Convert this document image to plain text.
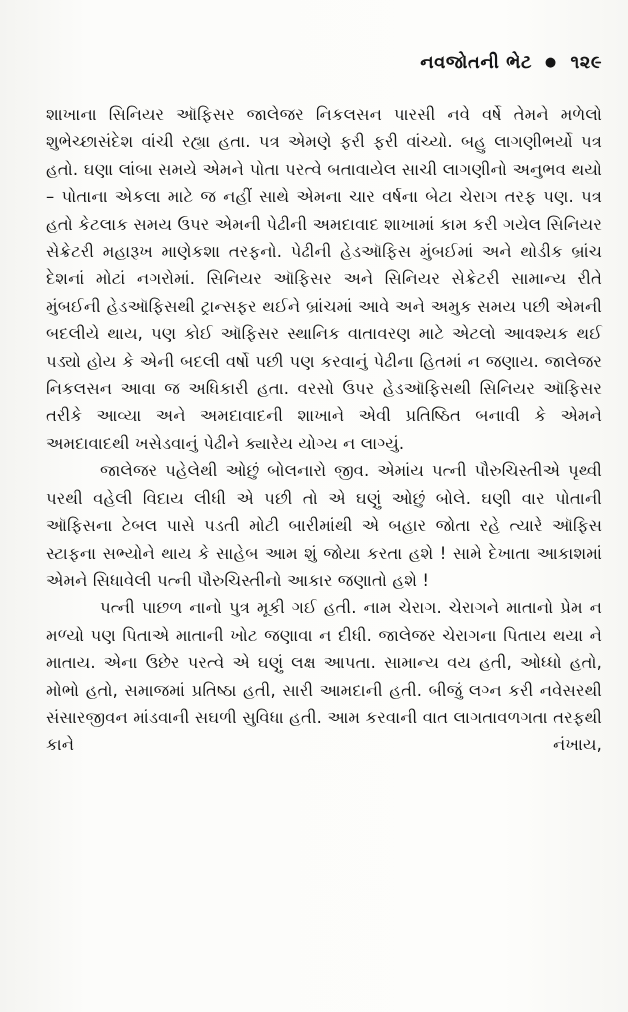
નવજોતની ભેટ ● ૧૨૯

શાખાના સિનિયર ઑફિસર જાલેજર નિકલસન પારસી નવે વર્ષે તેમને મળેલો શુભેચ્છાસંદેશ વાંચી રહ્યા હતા. પત્ર એમણે ફરી ફરી વાંચ્યો. બહુ લાગણીભર્યો પત્ર હતો. ઘણા લાંબા સમયે એમને પોતા પરત્વે બતાવાયેલ સાચી લાગણીનો અનુભવ થયો – પોતાના એકલા માટે જ નહીં સાથે એમના ચાર વર્ષના બેટા ચેરાગ તરફ પણ. પત્ર હતો કેટલાક સમય ઉપર એમની પેઢીની અમદાવાદ શાખામાં કામ કરી ગયેલ સિનિયર સેક્રેટરી મહારૂખ માણેકશા તરફનો. પેઢીની હેડઑફિસ મુંબઈમાં અને થોડીક બ્રાંચ દેશનાં મોટાં નગરોમાં. સિનિયર ઑફિસર અને સિનિયર સેક્રેટરી સામાન્ય રીતે મુંબઈની હેડઑફિસથી ટ્રાન્સફર થઈને બ્રાંચમાં આવે અને અમુક સમય પછી એમની બદલીયે થાય, પણ કોઈ ઑફિસર સ્થાનિક વાતાવરણ માટે એટલો આવશ્યક થઈ પડ્યો હોય કે એની બદલી વર્ષો પછી પણ કરવાનું પેઢીના હિતમાં ન જણાય. જાલેજર નિકલસન આવા જ અધિકારી હતા. વરસો ઉપર હેડઑફિસથી સિનિયર ઑફિસર તરીકે આવ્યા અને અમદાવાદની શાખાને એવી પ્રતિષ્ઠિત બનાવી કે એમને અમદાવાદથી ખસેડવાનું પેઢીને ક્યારેય યોગ્ય ન લાગ્યું.

જાલેજર પહેલેથી ઓછું બોલનારો જીવ. એમાંય પત્ની પૌરુચિસ્તીએ પૃથ્વી પરથી વહેલી વિદાય લીધી એ પછી તો એ ઘણું ઓછું બોલે. ઘણી વાર પોતાની ઑફિસના ટેબલ પાસે પડતી મોટી બારીમાંથી એ બહાર જોતા રહે ત્યારે ઑફિસ સ્ટાફના સભ્યોને થાય કે સાહેબ આમ શું જોયા કરતા હશે ! સામે દેખાતા આકાશમાં એમને સિધાવેલી પત્ની પૌરુચિસ્તીનો આકાર જણાતો હશે !

પત્ની પાછળ નાનો પુત્ર મૂકી ગઈ હતી. નામ ચેરાગ. ચેરાગને માતાનો પ્રેમ ન મળ્યો પણ પિતાએ માતાની ખોટ જણાવા ન દીધી. જાલેજર ચેરાગના પિતાય થયા ને માતાય. એના ઉછેર પરત્વે એ ઘણું લક્ષ આપતા. સામાન્ય વય હતી, ઓધ્ધો હતો, મોભો હતો, સમાજમાં પ્રતિષ્ઠા હતી, સારી આમદાની હતી. બીજું લગ્ન કરી નવેસરથી સંસારજીવન માંડવાની સઘળી સુવિધા હતી. આમ કરવાની વાત લાગતાવળગતા તરફથી કાને નંખાય,
